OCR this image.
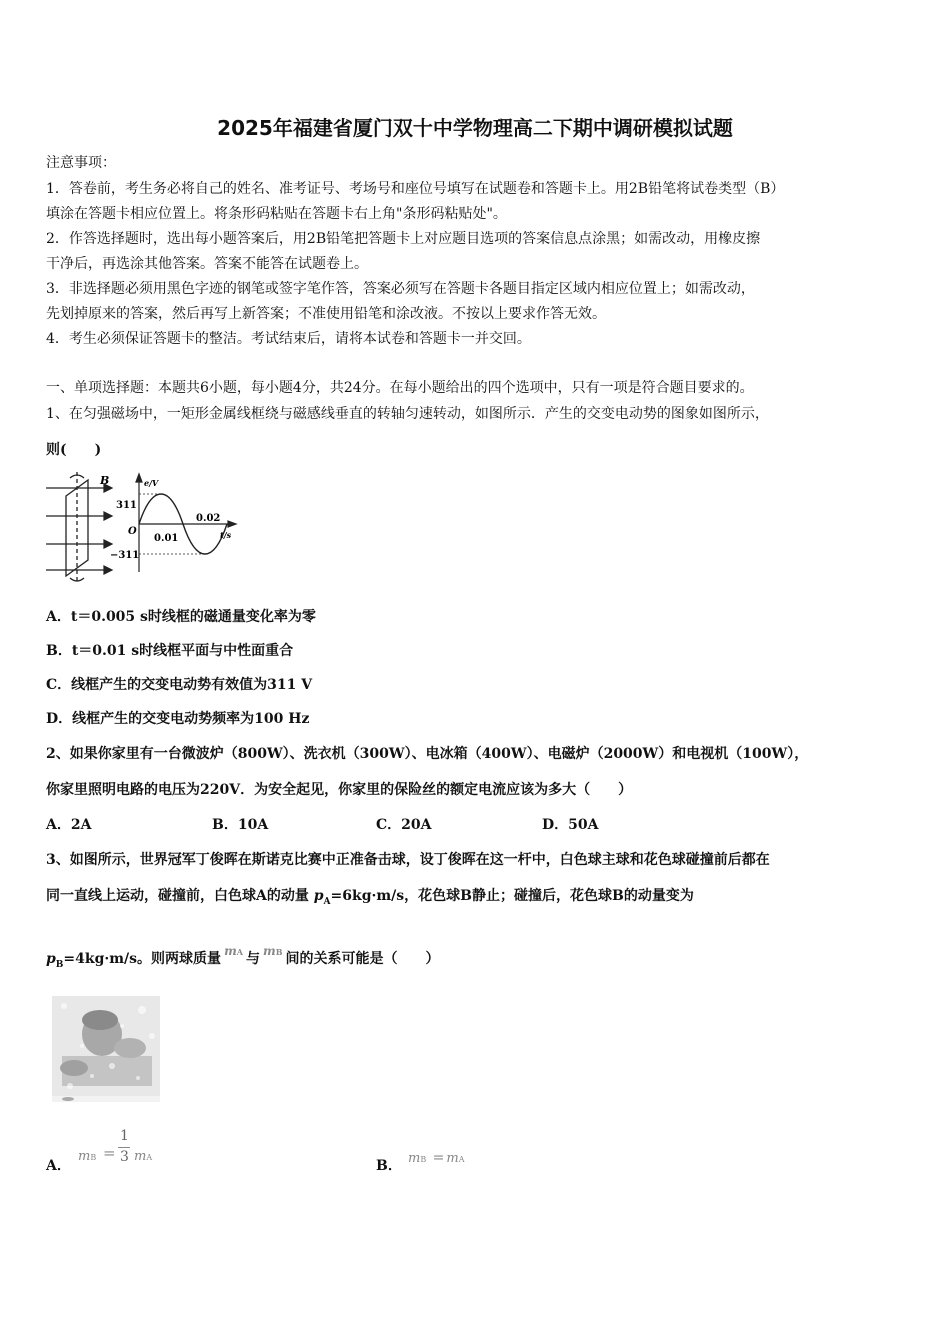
2025年福建省厦门双十中学物理高二下期中调研模拟试题
注意事项：
1．答卷前，考生务必将自己的姓名、准考证号、考场号和座位号填写在试题卷和答题卡上。用2B铅笔将试卷类型（B）
填涂在答题卡相应位置上。将条形码粘贴在答题卡右上角"条形码粘贴处"。
2．作答选择题时，选出每小题答案后，用2B铅笔把答题卡上对应题目选项的答案信息点涂黑；如需改动，用橡皮擦
干净后，再选涂其他答案。答案不能答在试题卷上。
3．非选择题必须用黑色字迹的钢笔或签字笔作答，答案必须写在答题卡各题目指定区域内相应位置上；如需改动，
先划掉原来的答案，然后再写上新答案；不准使用铅笔和涂改液。不按以上要求作答无效。
4．考生必须保证答题卡的整洁。考试结束后，请将本试卷和答题卡一并交回。
一、单项选择题：本题共6小题，每小题4分，共24分。在每小题给出的四个选项中，只有一项是符合题目要求的。
1、在匀强磁场中，一矩形金属线框绕与磁感线垂直的转轴匀速转动，如图所示．产生的交变电动势的图象如图所示，
则(　　)
B	e/V
311
O
0.01
0.02
−311
t/s
A．t＝0.005 s时线框的磁通量变化率为零
B．t＝0.01 s时线框平面与中性面重合
C．线框产生的交变电动势有效值为311 V
D．线框产生的交变电动势频率为100 Hz
2、如果你家里有一台微波炉（800W）、洗衣机（300W）、电冰箱（400W）、电磁炉（2000W）和电视机（100W），
你家里照明电路的电压为220V．为安全起见，你家里的保险丝的额定电流应该为多大（　　）
A．2A	B．10A	C．20A	D．50A
3、如图所示，世界冠军丁俊晖在斯诺克比赛中正准备击球，设丁俊晖在这一杆中，白色球主球和花色球碰撞前后都在
同一直线上运动，碰撞前，白色球A的动量 $p_A=6kg\cdot m/s$，花色球B静止；碰撞后，花色球B的动量变为
$p_B=4kg\cdot m/s$。则两球质量 mA 与 mB 间的关系可能是（　　）
A．
mB =
1
3 mA
B． mB = mA
